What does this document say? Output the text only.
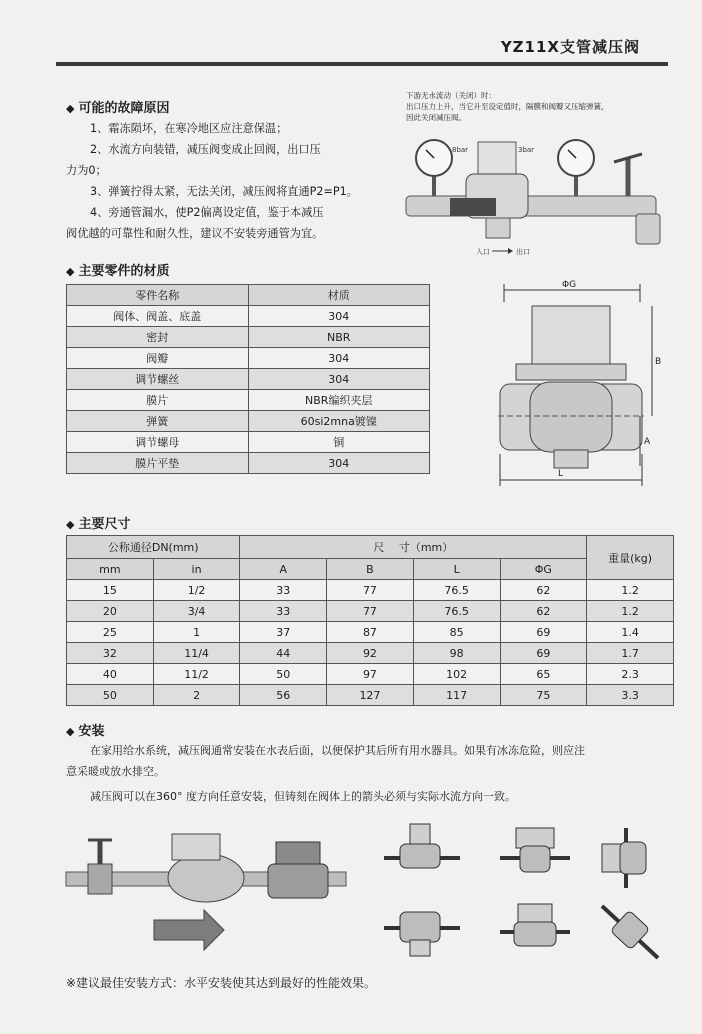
YZ11X支管减压阀
◆ 可能的故障原因
1、霜冻陨坏，在寒冷地区应注意保温；
2、水流方向装错，减压阀变成止回阀，出口压
力为0；
3、弹簧拧得太紧，无法关闭，减压阀将直通P2=P1。
4、旁通管漏水，使P2偏离设定值，鉴于本减压
阀优越的可靠性和耐久性，建议不安装旁通管为宜。
下游无水流动（关闭）时：
出口压力上升，当它升至设定值时，隔膜和阀瓣又压缩弹簧，
因此关闭减压阀。
8bar	3bar
入口	出口
◆ 主要零件的材质
零件名称	材质
阀体、阀盖、底盖	304
密封	NBR
阀瓣	304
调节螺丝	304
膜片	NBR编织夹层
弹簧	60si2mna镀镍
调节螺母	铜
膜片平垫	304
ΦG
B
A
L
◆ 主要尺寸
公称通径DN(mm)		尺　 寸（mm）				重量(kg)
mm	in	A	B	L	ΦG	
15	1/2	33	77	76.5	62	1.2
20	3/4	33	77	76.5	62	1.2
25	1	37	87	85	69	1.4
32	11/4	44	92	98	69	1.7
40	11/2	50	97	102	65	2.3
50	2	56	127	117	75	3.3
◆ 安装
在家用给水系统，减压阀通常安装在水表后面，以便保护其后所有用水器具。如果有冰冻危险，则应注
意采暖或放水排空。
减压阀可以在360° 度方向任意安装，但铸刻在阀体上的箭头必须与实际水流方向一致。
※建议最佳安装方式：水平安装使其达到最好的性能效果。
